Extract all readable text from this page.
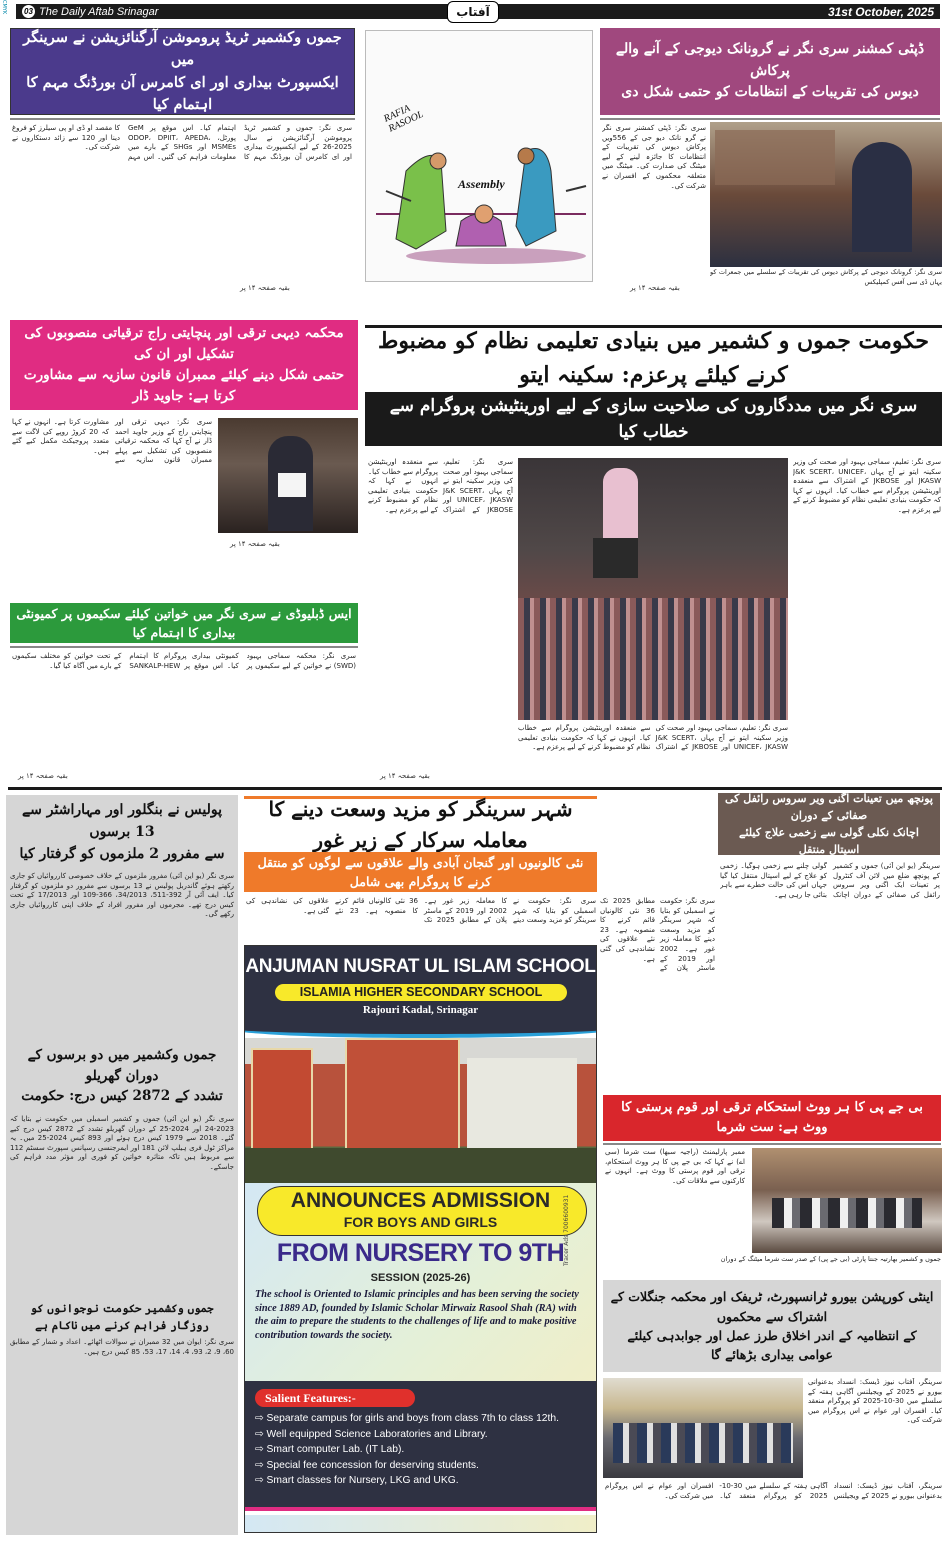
CMYK 03 The Daily Aftab Srinagar	31st October, 2025
آفتاب
جموں وکشمیر ٹریڈ پروموشن آرگنائزیشن نے سرینگر میں
ایکسپورٹ بیداری اور ای کامرس آن بورڈنگ مہم کا اہتمام کیا
سری نگر: جموں و کشمیر ٹریڈ پروموشن آرگنائزیشن نے سال 2025-26 کے لیے ایکسپورٹ بیداری اور ای کامرس آن بورڈنگ مہم کا اہتمام کیا۔ اس موقع پر GeM پورٹل، ODOP، DPIIT، APEDA، MSMEs اور SHGs کے بارے میں معلومات فراہم کی گئیں۔ اس مہم کا مقصد او ڈی او پی سیلرز کو فروغ دینا اور 120 سے زائد دستکاروں نے شرکت کی۔
بقیہ صفحہ ۱۴ پر
RAFIA RASOOL
Assembly
ڈپٹی کمشنر سری نگر نے گرونانک دیوجی کے آنے والے پرکاش
دیوس کی تقریبات کے انتظامات کو حتمی شکل دی
سری نگر: ڈپٹی کمشنر سری نگر نے گرو نانک دیو جی کے 556ویں پرکاش دیوس کی تقریبات کے انتظامات کا جائزہ لینے کے لیے میٹنگ کی صدارت کی۔ میٹنگ میں متعلقہ محکموں کے افسران نے شرکت کی۔
سری نگر: گرونانک دیوجی کے پرکاش دیوس کی تقریبات کے سلسلے میں جمعرات کو یہاں ڈی سی آفس کمپلیکس
بقیہ صفحہ ۱۴ پر
محکمہ دیہی ترقی اور پنچایتی راج ترقیاتی منصوبوں کی تشکیل اور ان کی
حتمی شکل دینے کیلئے ممبران قانون سازیہ سے مشاورت کرتا ہے: جاوید ڈار
سری نگر: دیہی ترقی اور پنچایتی راج کے وزیر جاوید احمد ڈار نے آج کہا کہ محکمہ ترقیاتی منصوبوں کی تشکیل سے پہلے ممبران قانون سازیہ سے مشاورت کرتا ہے۔ انہوں نے کہا کہ 20 کروڑ روپے کی لاگت سے متعدد پروجیکٹ مکمل کیے گئے ہیں۔
بقیہ صفحہ ۱۴ پر
حکومت جموں و کشمیر میں بنیادی تعلیمی نظام کو مضبوط کرنے کیلئے پرعزم: سکینہ ایتو
سری نگر میں مددگاروں کی صلاحیت سازی کے لیے اورینٹیشن پروگرام سے خطاب کیا
سری نگر: تعلیم، سماجی بہبود اور صحت کی وزیر سکینہ ایتو نے آج یہاں J&K SCERT، UNICEF، JKASW اور JKBOSE کے اشتراک سے منعقدہ اورینٹیشن پروگرام سے خطاب کیا۔ انہوں نے کہا کہ حکومت بنیادی تعلیمی نظام کو مضبوط کرنے کے لیے پرعزم ہے۔
سری نگر: تعلیم، سماجی بہبود اور صحت کی وزیر سکینہ ایتو نے آج یہاں J&K SCERT، UNICEF، JKASW اور JKBOSE کے اشتراک سے منعقدہ اورینٹیشن پروگرام سے خطاب کیا۔ انہوں نے کہا کہ حکومت بنیادی تعلیمی نظام کو مضبوط کرنے کے لیے پرعزم ہے۔
سری نگر: تعلیم، سماجی بہبود اور صحت کی وزیر سکینہ ایتو نے آج یہاں J&K SCERT، UNICEF، JKASW اور JKBOSE کے اشتراک سے منعقدہ اورینٹیشن پروگرام سے خطاب کیا۔ انہوں نے کہا کہ حکومت بنیادی تعلیمی نظام کو مضبوط کرنے کے لیے پرعزم ہے۔
بقیہ صفحہ ۱۴ پر
ایس ڈبلیوڈی نے سری نگر میں خواتین کیلئے سکیموں پر کمیونٹی بیداری کا اہتمام کیا
سری نگر: محکمہ سماجی بہبود (SWD) نے خواتین کے لیے سکیموں پر کمیونٹی بیداری پروگرام کا اہتمام کیا۔ اس موقع پر SANKALP-HEW کے تحت خواتین کو مختلف سکیموں کے بارے میں آگاہ کیا گیا۔
بقیہ صفحہ ۱۴ پر
پولیس نے بنگلور اور مہاراشٹر سے 13 برسوں
سے مفرور 2 ملزموں کو گرفتار کیا
سری نگر (یو این آئی) مفرور ملزموں کے خلاف خصوصی کارروائیاں کو جاری رکھتے ہوئے گاندربل پولیس نے 13 برسوں سے مفرور دو ملزموں کو گرفتار کیا۔ ایف آئی آر 392-511، 34/2013، 366-109 اور 17/2013 کے تحت کیس درج تھے۔ مجرموں اور مفرور افراد کے خلاف اپنی کارروائیاں جاری رکھے گی۔
جموں وکشمیر میں دو برسوں کے دوران گھریلو
تشدد کے 2872 کیس درج: حکومت
سری نگر (یو این آئی) جموں و کشمیر اسمبلی میں حکومت نے بتایا کہ 2023-24 اور 2024-25 کے دوران گھریلو تشدد کے 2872 کیس درج کیے گئے۔ 2018 سے 1979 کیس درج ہوئے اور 893 کیس 2024-25 میں۔ یہ مراکز ٹول فری ہیلپ لائن 181 اور ایمرجنسی رسپانس سپورٹ سسٹم 112 سے مربوط ہیں تاکہ متاثرہ خواتین کو فوری اور مؤثر مدد فراہم کی جاسکے۔
جموں وکشمیر حکومت نوجوانوں کو روزگار فراہم کرنے میں ناکام ہے
سری نگر: ایوان میں 32 ممبران نے سوالات اٹھائے۔ اعداد و شمار کے مطابق 60، 9، 2، 93، 4، 14، 17، 53، 85 کیس درج ہیں۔
شہر سرینگر کو مزید وسعت دینے کا معاملہ سرکار کے زیر غور
نئی کالونیوں اور گنجان آبادی والے علاقوں سے لوگوں کو منتقل کرنے کا پروگرام بھی شامل
سری نگر: حکومت نے اسمبلی کو بتایا کہ شہر سرینگر کو مزید وسعت دینے کا معاملہ زیر غور ہے۔ 2002 اور 2019 کے ماسٹر پلان کے مطابق 2025 تک 36 نئی کالونیاں قائم کرنے کا منصوبہ ہے۔ 23 نئے علاقوں کی نشاندہی کی گئی ہے۔
ANJUMAN NUSRAT UL ISLAM SCHOOL
ISLAMIA HIGHER SECONDARY SCHOOL
Rajouri Kadal, Srinagar
ANNOUNCES ADMISSION
FOR BOYS AND GIRLS
FROM NURSERY TO 9TH
SESSION (2025-26)
Tracer Ads 7006600931
The school is Oriented to Islamic principles and has been serving the society since 1889 AD, founded by Islamic Scholar Mirwaiz Rasool Shah (RA) with the aim to prepare the students to the challenges of life and to make positive contribution towards the society.
Salient Features:-
⇨ Separate campus for girls and boys from class 7th to class 12th.
⇨ Well equipped Science Laboratories and Library.
⇨ Smart computer Lab. (IT Lab).
⇨ Special fee concession for deserving students.
⇨ Smart classes for Nursery, LKG and UKG.
پونچھ میں تعینات اگنی ویر سروس رائفل کی صفائی کے دوران
اچانک نکلی گولی سے زخمی علاج کیلئے اسپتال منتقل
سری نگر: حکومت نے اسمبلی کو بتایا کہ شہر سرینگر کو مزید وسعت دینے کا معاملہ زیر غور ہے۔ 2002 اور 2019 کے ماسٹر پلان کے مطابق 2025 تک 36 نئی کالونیاں قائم کرنے کا منصوبہ ہے۔ 23 نئے علاقوں کی نشاندہی کی گئی ہے۔
سرینگر (یو این آئی) جموں و کشمیر کے پونچھ ضلع میں لائن آف کنٹرول پر تعینات ایک اگنی ویر سروس رائفل کی صفائی کے دوران اچانک گولی چلنے سے زخمی ہوگیا۔ زخمی کو علاج کے لیے اسپتال منتقل کیا گیا جہاں اس کی حالت خطرے سے باہر بتائی جا رہی ہے۔
بی جے پی کا ہر ووٹ استحکام ترقی اور قوم پرستی کا ووٹ ہے: ست شرما
ممبر پارلیمنٹ (راجیہ سبھا) ست شرما (سی اے) نے کہا کہ بی جے پی کا ہر ووٹ استحکام، ترقی اور قوم پرستی کا ووٹ ہے۔ انہوں نے کارکنوں سے ملاقات کی۔
جموں و کشمیر بھارتیہ جنتا پارٹی (بی جے پی) کے صدر ست شرما میٹنگ کے دوران
اینٹی کورپشن بیورو ٹرانسپورٹ، ٹریفک اور محکمہ جنگلات کے اشتراک سے محکموں
کے انتظامیہ کے اندر اخلاق طرز عمل اور جوابدہی کیلئے عوامی بیداری بڑھائے گا
سرینگر، آفتاب نیوز ڈیسک: انسداد بدعنوانی بیورو نے 2025 کے ویجیلنس آگاہی ہفتہ کے سلسلے میں 30-10-2025 کو پروگرام منعقد کیا۔ افسران اور عوام نے اس پروگرام میں شرکت کی۔
سرینگر، آفتاب نیوز ڈیسک: انسداد بدعنوانی بیورو نے 2025 کے ویجیلنس آگاہی ہفتہ کے سلسلے میں 30-10-2025 کو پروگرام منعقد کیا۔ افسران اور عوام نے اس پروگرام میں شرکت کی۔
